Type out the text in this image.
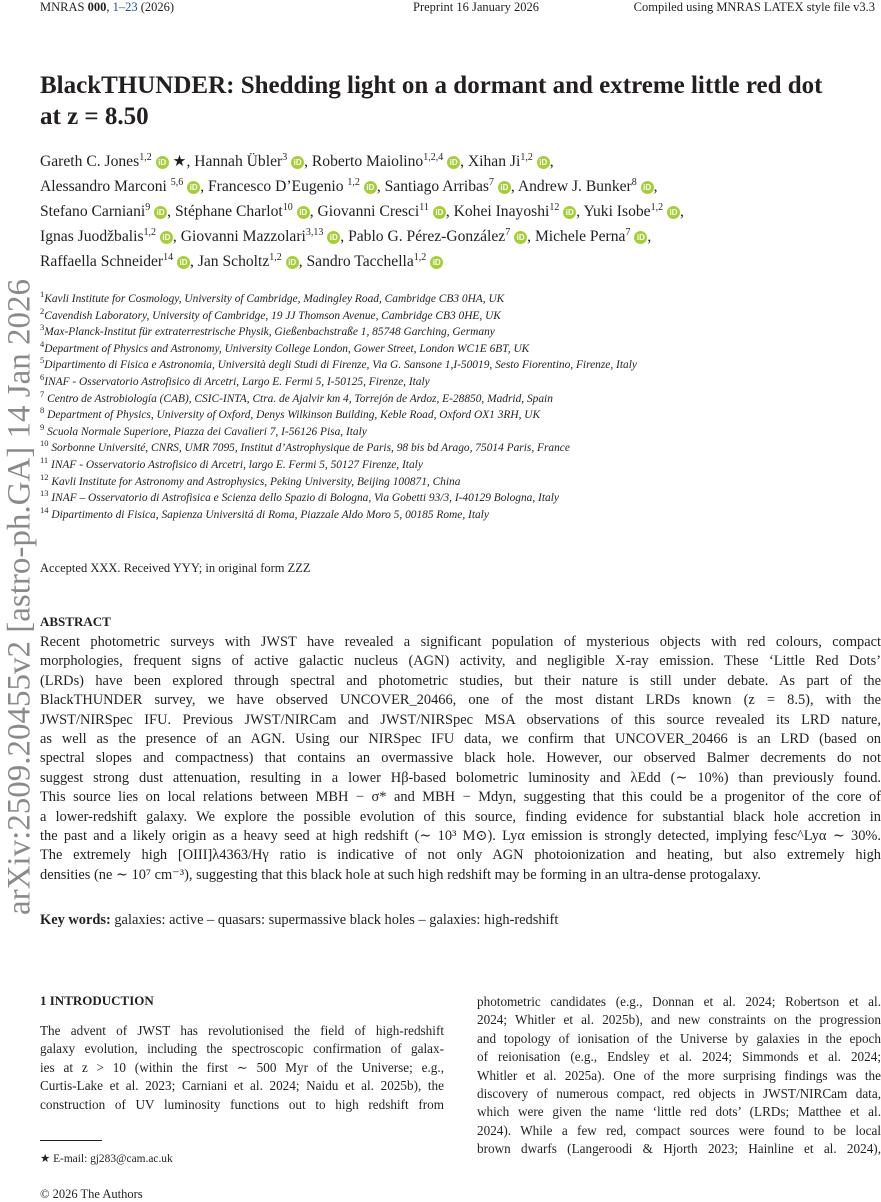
MNRAS 000, 1–23 (2026)	Preprint 16 January 2026	Compiled using MNRAS LATEX style file v3.3
arXiv:2509.20455v2 [astro-ph.GA] 14 Jan 2026
BlackTHUNDER: Shedding light on a dormant and extreme little red dot
at z = 8.50
Gareth C. Jones$^{1,2}$ iD ★, Hannah Übler$^3$ iD , Roberto Maiolino$^{1,2,4}$ iD , Xihan Ji$^{1,2}$ iD ,
Alessandro Marconi $^{5,6}$ iD , Francesco D’Eugenio $^{1,2}$ iD , Santiago Arribas$^7$ iD , Andrew J. Bunker$^8$ iD ,
Stefano Carniani$^9$ iD , Stéphane Charlot$^{10}$ iD , Giovanni Cresci$^{11}$ iD , Kohei Inayoshi$^{12}$ iD , Yuki Isobe$^{1,2}$ iD ,
Ignas Juodžbalis$^{1,2}$ iD , Giovanni Mazzolari$^{3,13}$ iD , Pablo G. Pérez-González$^7$ iD , Michele Perna$^7$ iD ,
Raffaella Schneider$^{14}$ iD , Jan Scholtz$^{1,2}$ iD , Sandro Tacchella$^{1,2}$ iD
$^1$Kavli Institute for Cosmology, University of Cambridge, Madingley Road, Cambridge CB3 0HA, UK
$^2$Cavendish Laboratory, University of Cambridge, 19 JJ Thomson Avenue, Cambridge CB3 0HE, UK
$^3$Max-Planck-Institut für extraterrestrische Physik, Gießenbachstraße 1, 85748 Garching, Germany
$^4$Department of Physics and Astronomy, University College London, Gower Street, London WC1E 6BT, UK
$^5$Dipartimento di Fisica e Astronomia, Università degli Studi di Firenze, Via G. Sansone 1,I-50019, Sesto Fiorentino, Firenze, Italy
$^6$INAF - Osservatorio Astrofisico di Arcetri, Largo E. Fermi 5, I-50125, Firenze, Italy
$^7$ Centro de Astrobiología (CAB), CSIC-INTA, Ctra. de Ajalvir km 4, Torrejón de Ardoz, E-28850, Madrid, Spain
$^8$ Department of Physics, University of Oxford, Denys Wilkinson Building, Keble Road, Oxford OX1 3RH, UK
$^9$ Scuola Normale Superiore, Piazza dei Cavalieri 7, I-56126 Pisa, Italy
$^{10}$ Sorbonne Université, CNRS, UMR 7095, Institut d’Astrophysique de Paris, 98 bis bd Arago, 75014 Paris, France
$^{11}$ INAF - Osservatorio Astrofisico di Arcetri, largo E. Fermi 5, 50127 Firenze, Italy
$^{12}$ Kavli Institute for Astronomy and Astrophysics, Peking University, Beijing 100871, China
$^{13}$ INAF – Osservatorio di Astrofisica e Scienza dello Spazio di Bologna, Via Gobetti 93/3, I-40129 Bologna, Italy
$^{14}$ Dipartimento di Fisica, Sapienza Universitá di Roma, Piazzale Aldo Moro 5, 00185 Rome, Italy
Accepted XXX. Received YYY; in original form ZZZ
ABSTRACT
Recent photometric surveys with JWST have revealed a significant population of mysterious objects with red colours, compact
morphologies, frequent signs of active galactic nucleus (AGN) activity, and negligible X-ray emission. These ‘Little Red Dots’
(LRDs) have been explored through spectral and photometric studies, but their nature is still under debate. As part of the
BlackTHUNDER survey, we have observed UNCOVER_20466, one of the most distant LRDs known (z = 8.5), with the
JWST/NIRSpec IFU. Previous JWST/NIRCam and JWST/NIRSpec MSA observations of this source revealed its LRD nature,
as well as the presence of an AGN. Using our NIRSpec IFU data, we confirm that UNCOVER_20466 is an LRD (based on
spectral slopes and compactness) that contains an overmassive black hole. However, our observed Balmer decrements do not
suggest strong dust attenuation, resulting in a lower Hβ-based bolometric luminosity and λEdd (∼ 10%) than previously found.
This source lies on local relations between MBH − σ* and MBH − Mdyn, suggesting that this could be a progenitor of the core of
a lower-redshift galaxy. We explore the possible evolution of this source, finding evidence for substantial black hole accretion in
the past and a likely origin as a heavy seed at high redshift (∼ 10³ M⊙). Lyα emission is strongly detected, implying fesc^Lyα ∼ 30%.
The extremely high [OIII]λ4363/Hγ ratio is indicative of not only AGN photoionization and heating, but also extremely high
densities (ne ∼ 10⁷ cm⁻³), suggesting that this black hole at such high redshift may be forming in an ultra-dense protogalaxy.
Key words: galaxies: active – quasars: supermassive black holes – galaxies: high-redshift
1 INTRODUCTION
The advent of JWST has revolutionised the field of high-redshift
galaxy evolution, including the spectroscopic confirmation of galax-
ies at z > 10 (within the first ∼ 500 Myr of the Universe; e.g.,
Curtis-Lake et al. 2023; Carniani et al. 2024; Naidu et al. 2025b), the
construction of UV luminosity functions out to high redshift from
photometric candidates (e.g., Donnan et al. 2024; Robertson et al.
2024; Whitler et al. 2025b), and new constraints on the progression
and topology of ionisation of the Universe by galaxies in the epoch
of reionisation (e.g., Endsley et al. 2024; Simmonds et al. 2024;
Whitler et al. 2025a). One of the more surprising findings was the
discovery of numerous compact, red objects in JWST/NIRCam data,
which were given the name ‘little red dots’ (LRDs; Matthee et al.
2024). While a few red, compact sources were found to be local
brown dwarfs (Langeroodi & Hjorth 2023; Hainline et al. 2024),
★ E-mail: gj283@cam.ac.uk
© 2026 The Authors
